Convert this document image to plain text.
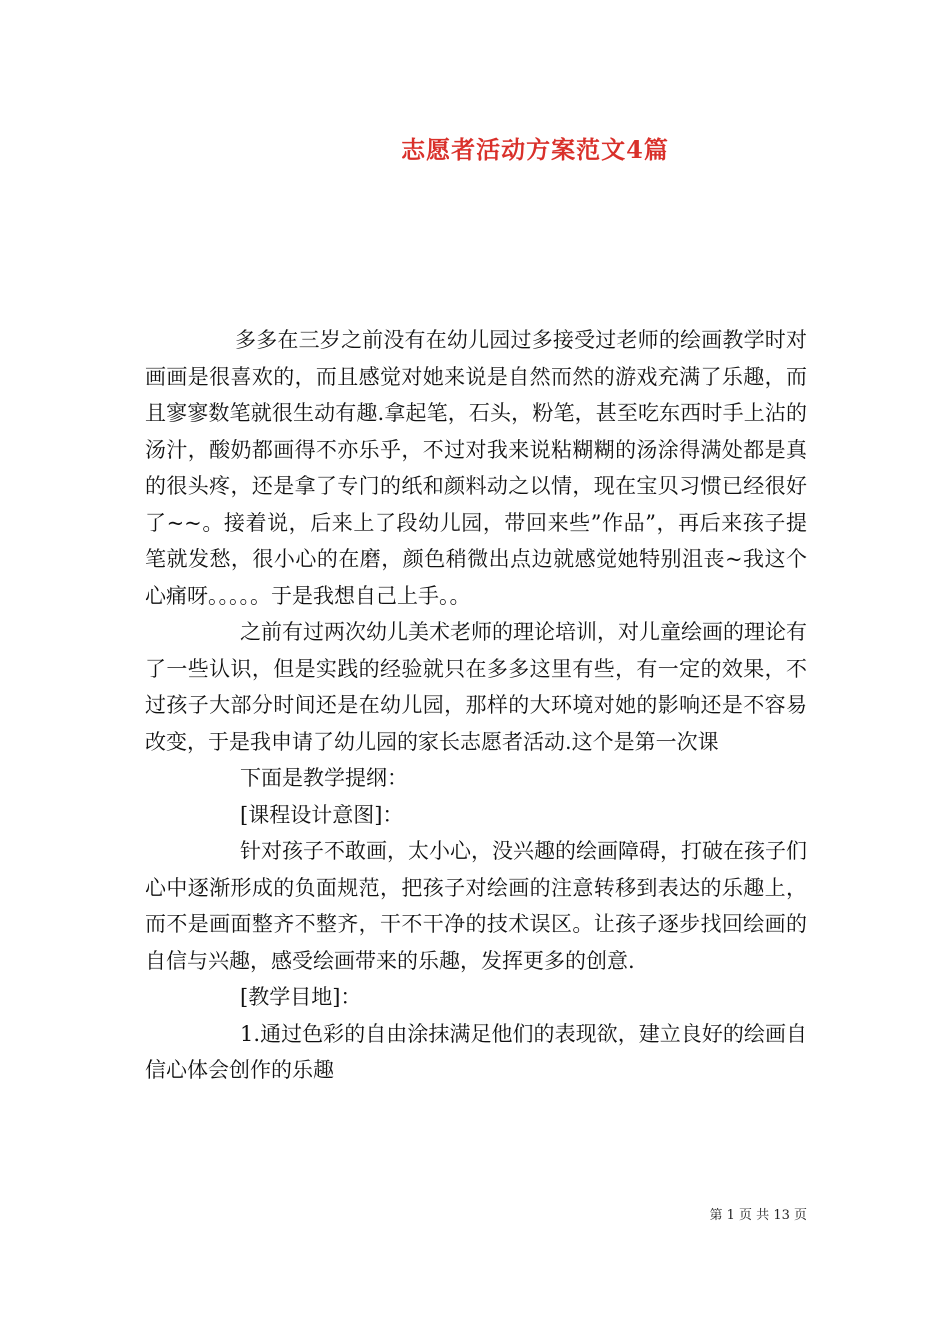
志愿者活动方案范文4篇

多多在三岁之前没有在幼儿园过多接受过老师的绘画教学时对画画是很喜欢的，而且感觉对她来说是自然而然的游戏充满了乐趣，而且寥寥数笔就很生动有趣.拿起笔，石头，粉笔，甚至吃东西时手上沾的汤汁，酸奶都画得不亦乐乎，不过对我来说粘糊糊的汤涂得满处都是真的很头疼，还是拿了专门的纸和颜料动之以情，现在宝贝习惯已经很好了~~。接着说，后来上了段幼儿园，带回来些”作品”，再后来孩子提笔就发愁，很小心的在磨，颜色稍微出点边就感觉她特别沮丧~我这个心痛呀。。。。。于是我想自己上手。。

之前有过两次幼儿美术老师的理论培训，对儿童绘画的理论有了一些认识，但是实践的经验就只在多多这里有些，有一定的效果，不过孩子大部分时间还是在幼儿园，那样的大环境对她的影响还是不容易改变，于是我申请了幼儿园的家长志愿者活动.这个是第一次课

下面是教学提纲：

[课程设计意图]：

针对孩子不敢画，太小心，没兴趣的绘画障碍，打破在孩子们心中逐渐形成的负面规范，把孩子对绘画的注意转移到表达的乐趣上，而不是画面整齐不整齐，干不干净的技术误区。让孩子逐步找回绘画的自信与兴趣，感受绘画带来的乐趣，发挥更多的创意.

[教学目地]：

1.通过色彩的自由涂抹满足他们的表现欲，建立良好的绘画自信心体会创作的乐趣

第 1 页 共 13 页
